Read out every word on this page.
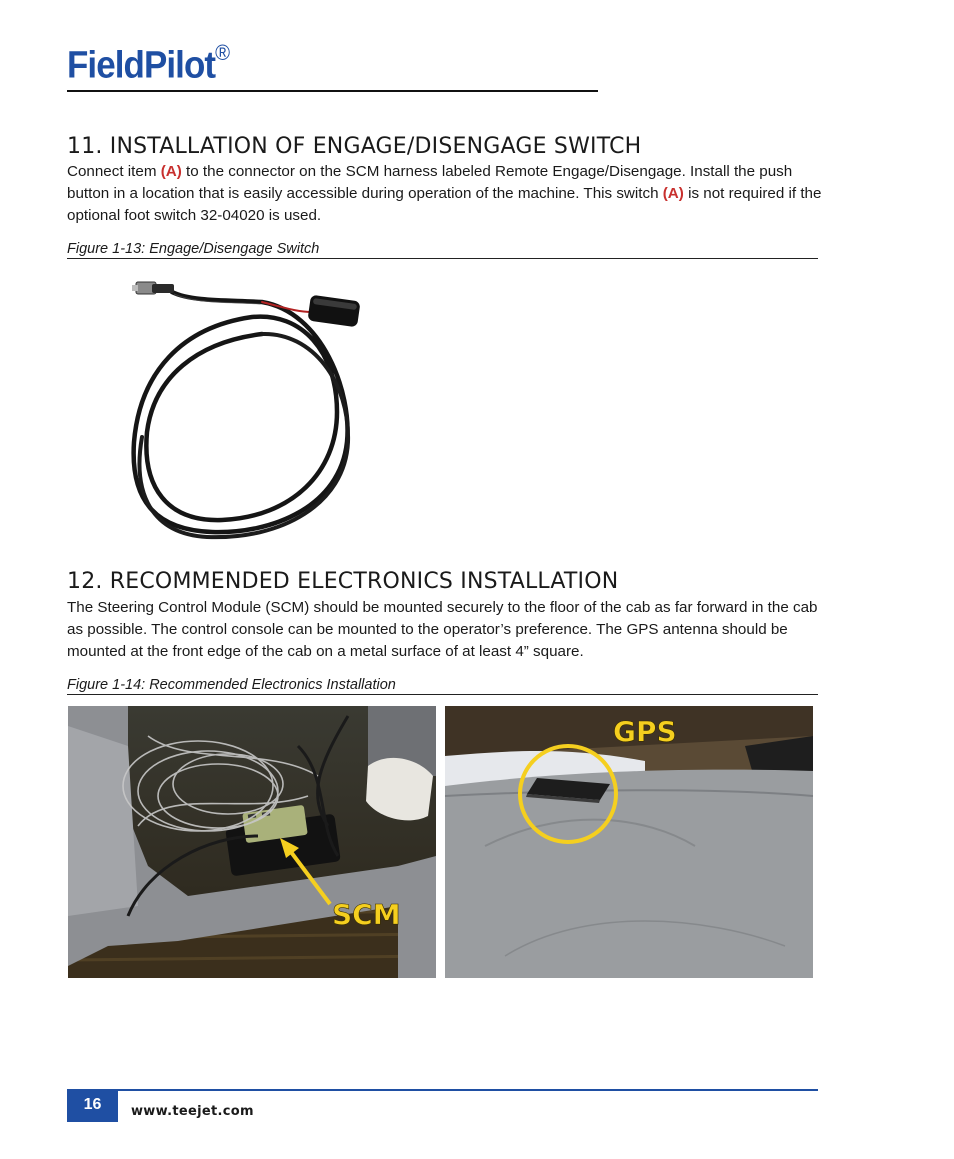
FieldPilot®
11. INSTALLATION OF ENGAGE/DISENGAGE SWITCH
Connect item (A) to the connector on the SCM harness labeled Remote Engage/Disengage. Install the push button in a location that is easily accessible during operation of the machine. This switch (A) is not required if the optional foot switch 32-04020 is used.
Figure 1-13: Engage/Disengage Switch
12. RECOMMENDED ELECTRONICS INSTALLATION
The Steering Control Module (SCM) should be mounted securely to the floor of the cab as far forward in the cab as possible. The control console can be mounted to the operator’s preference. The GPS antenna should be mounted at the front edge of the cab on a metal surface of at least 4” square.
Figure 1-14: Recommended Electronics Installation
SCM
GPS
16	www.teejet.com
